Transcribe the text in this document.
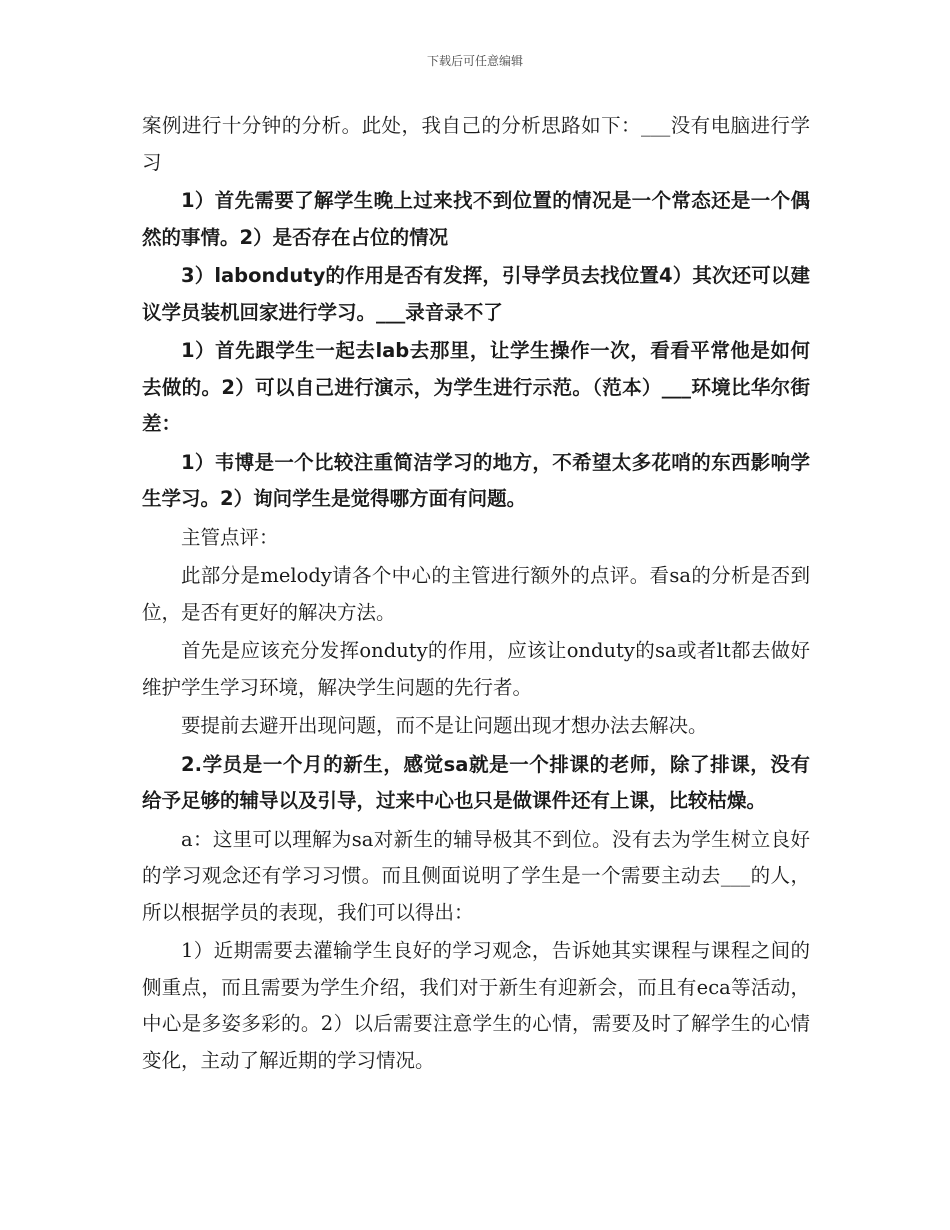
下载后可任意编辑

案例进行十分钟的分析。此处，我自己的分析思路如下：___没有电脑进行学习

1）首先需要了解学生晚上过来找不到位置的情况是一个常态还是一个偶然的事情。2）是否存在占位的情况

3）labonduty的作用是否有发挥，引导学员去找位置4）其次还可以建议学员装机回家进行学习。___录音录不了

1）首先跟学生一起去lab去那里，让学生操作一次，看看平常他是如何去做的。2）可以自己进行演示，为学生进行示范。（范本）___环境比华尔街差：

1）韦博是一个比较注重简洁学习的地方，不希望太多花哨的东西影响学生学习。2）询问学生是觉得哪方面有问题。

主管点评：

此部分是melody请各个中心的主管进行额外的点评。看sa的分析是否到位，是否有更好的解决方法。

首先是应该充分发挥onduty的作用，应该让onduty的sa或者lt都去做好维护学生学习环境，解决学生问题的先行者。

要提前去避开出现问题，而不是让问题出现才想办法去解决。

2.学员是一个月的新生，感觉sa就是一个排课的老师，除了排课，没有给予足够的辅导以及引导，过来中心也只是做课件还有上课，比较枯燥。

a：这里可以理解为sa对新生的辅导极其不到位。没有去为学生树立良好的学习观念还有学习习惯。而且侧面说明了学生是一个需要主动去___的人，所以根据学员的表现，我们可以得出：

1）近期需要去灌输学生良好的学习观念，告诉她其实课程与课程之间的侧重点，而且需要为学生介绍，我们对于新生有迎新会，而且有eca等活动，中心是多姿多彩的。2）以后需要注意学生的心情，需要及时了解学生的心情变化，主动了解近期的学习情况。
